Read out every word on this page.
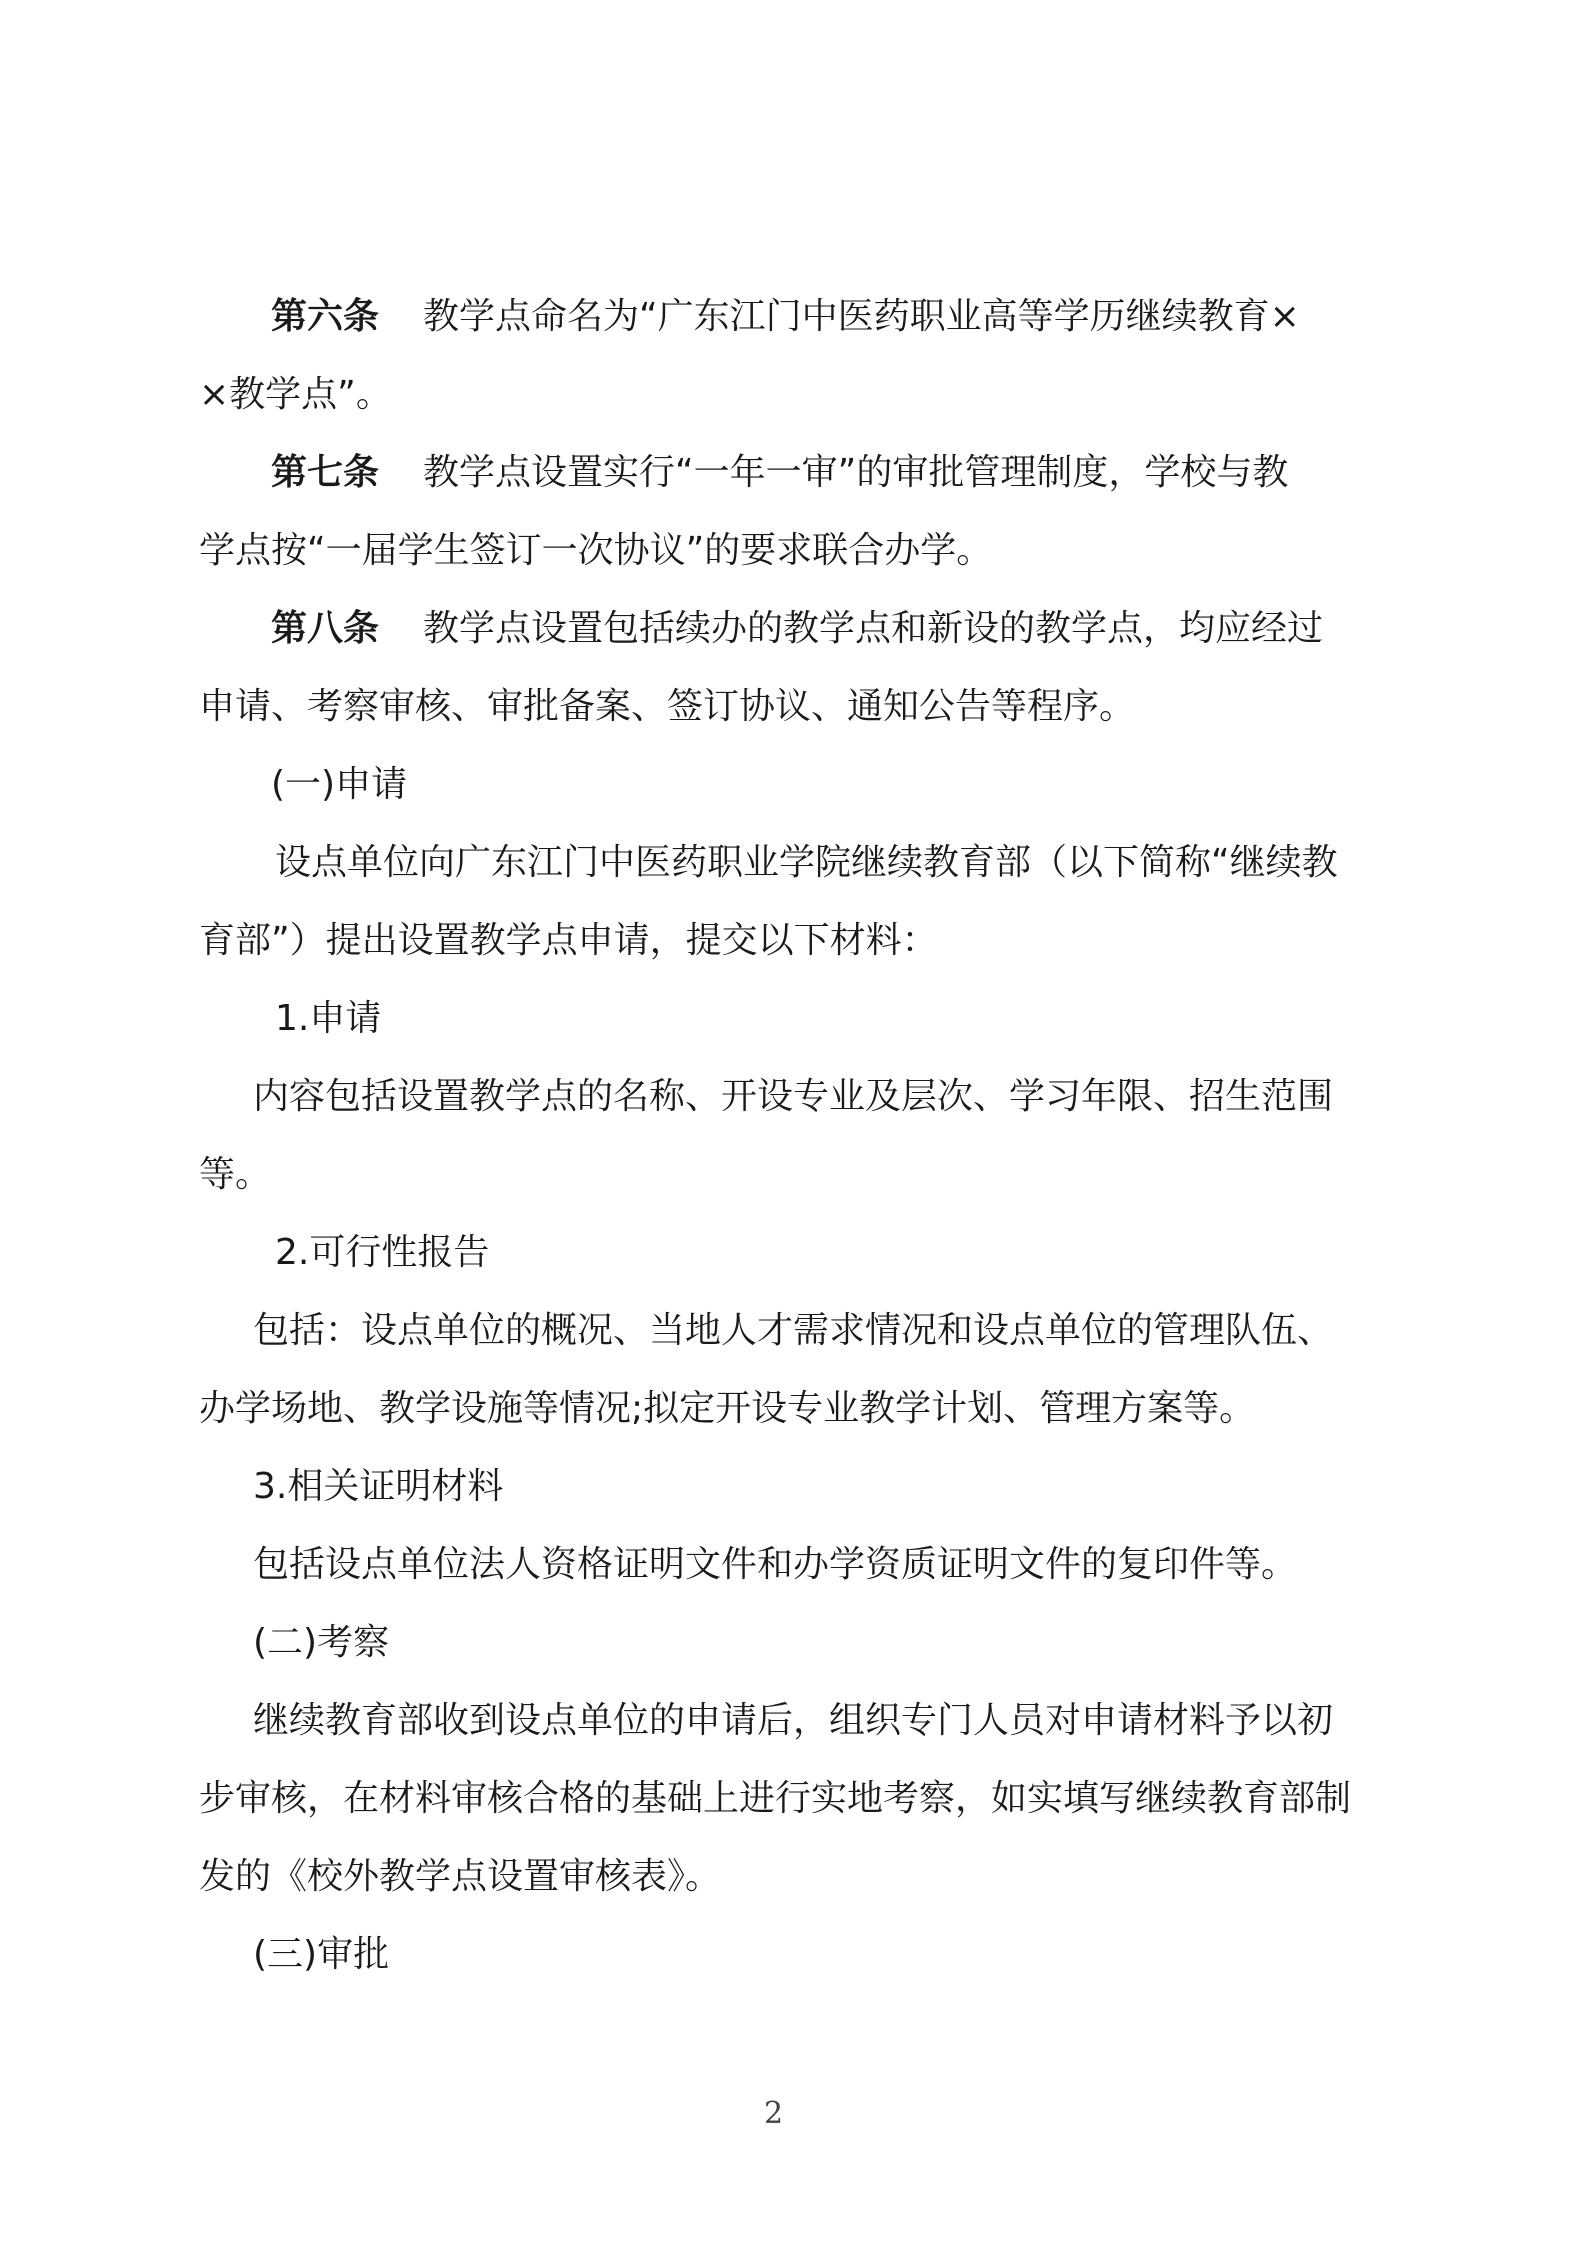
第六条 教学点命名为“广东江门中医药职业高等学历继续教育×
×教学点”。
第七条 教学点设置实行“一年一审”的审批管理制度，学校与教
学点按“一届学生签订一次协议”的要求联合办学。
第八条 教学点设置包括续办的教学点和新设的教学点，均应经过
申请、考察审核、审批备案、签订协议、通知公告等程序。
(一)申请
设点单位向广东江门中医药职业学院继续教育部（以下简称“继续教
育部”）提出设置教学点申请，提交以下材料：
1.申请
内容包括设置教学点的名称、开设专业及层次、学习年限、招生范围
等。
2.可行性报告
包括：设点单位的概况、当地人才需求情况和设点单位的管理队伍、
办学场地、教学设施等情况;拟定开设专业教学计划、管理方案等。
3.相关证明材料
包括设点单位法人资格证明文件和办学资质证明文件的复印件等。
(二)考察
继续教育部收到设点单位的申请后，组织专门人员对申请材料予以初
步审核，在材料审核合格的基础上进行实地考察，如实填写继续教育部制
发的《校外教学点设置审核表》。
(三)审批
2
